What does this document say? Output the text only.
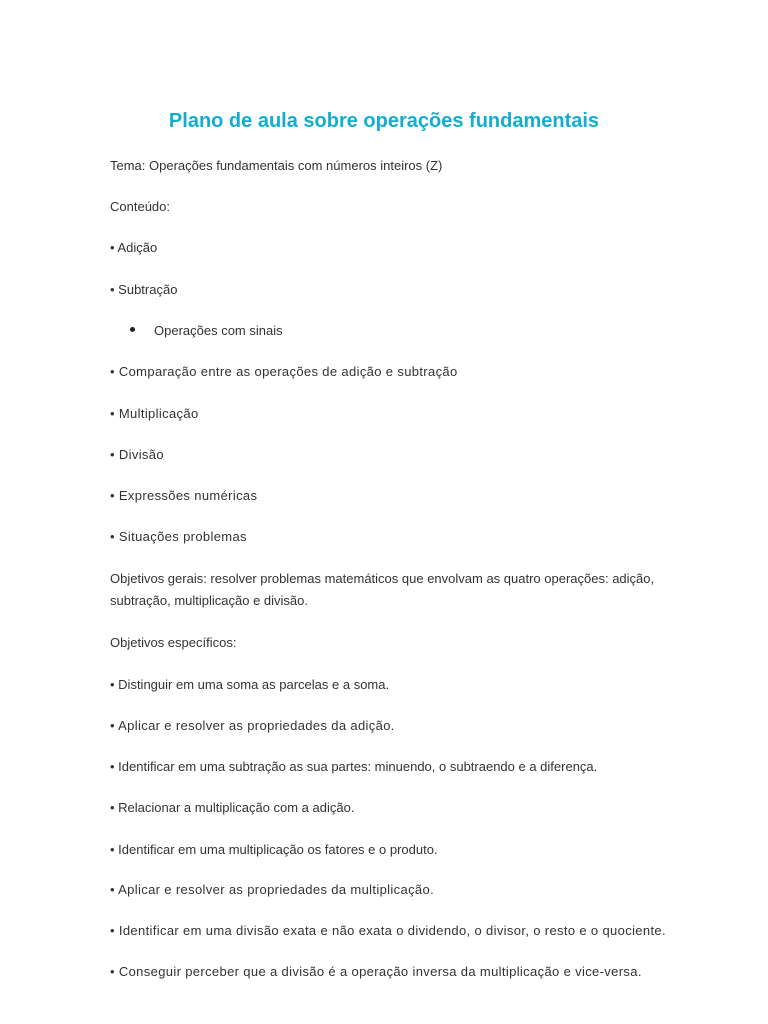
Plano de aula sobre operações fundamentais

Tema: Operações fundamentais com números inteiros (Z)

Conteúdo:

• Adição

• Subtração

Operações com sinais

• Comparação entre as operações de adição e subtração

• Multiplicação

• Divisão

• Expressões numéricas

• Situações problemas

Objetivos gerais: resolver problemas matemáticos que envolvam as quatro operações: adição, subtração, multiplicação e divisão.

Objetivos específicos:

• Distinguir em uma soma as parcelas e a soma.

• Aplicar e resolver as propriedades da adição.

• Identificar em uma subtração as sua partes: minuendo, o subtraendo e a diferença.

• Relacionar a multiplicação com a adição.

• Identificar em uma multiplicação os fatores e o produto.

• Aplicar e resolver as propriedades da multiplicação.

• Identificar em uma divisão exata e não exata o dividendo, o divisor, o resto e o quociente.

• Conseguir perceber que a divisão é a operação inversa da multiplicação e vice-versa.
